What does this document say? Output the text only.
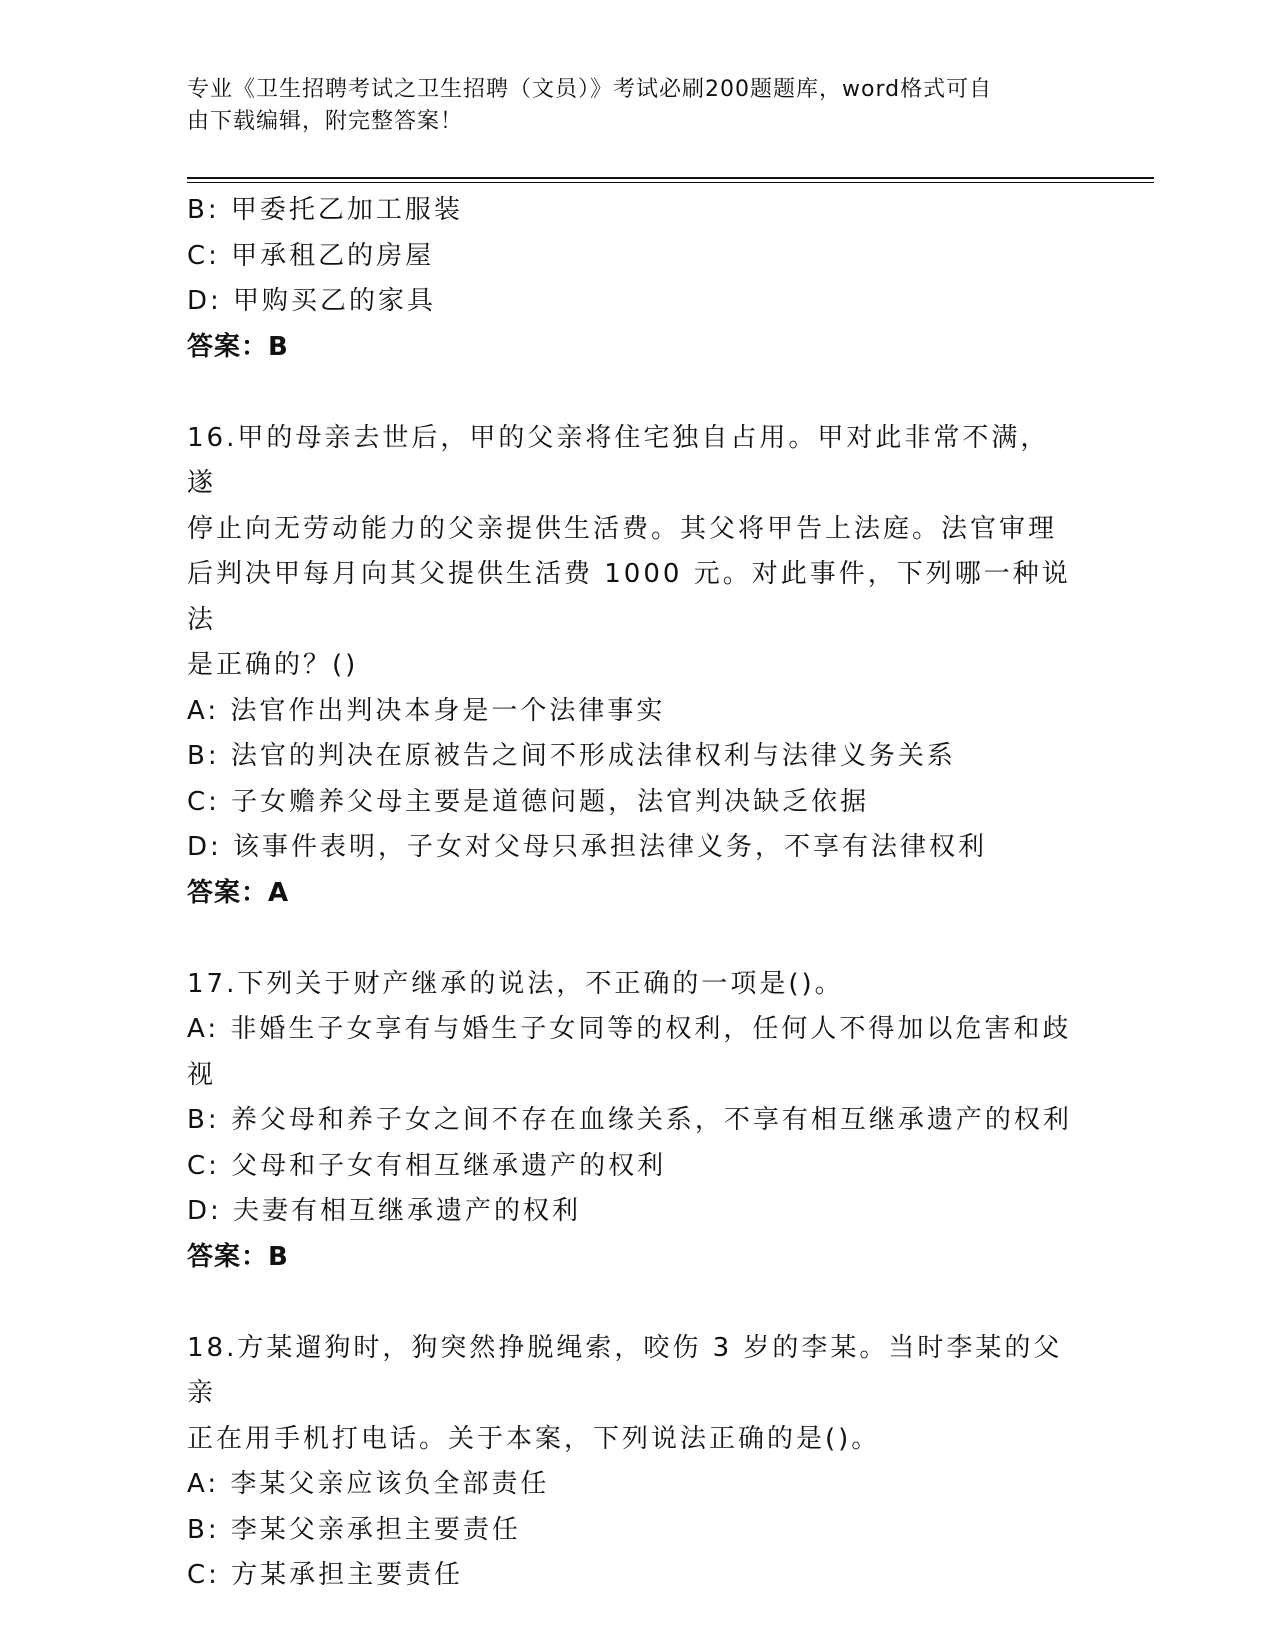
专业《卫生招聘考试之卫生招聘（文员）》考试必刷200题题库，word格式可自
由下载编辑，附完整答案！
B: 甲委托乙加工服装
C: 甲承租乙的房屋
D: 甲购买乙的家具
答案：B
16.甲的母亲去世后，甲的父亲将住宅独自占用。甲对此非常不满，遂
停止向无劳动能力的父亲提供生活费。其父将甲告上法庭。法官审理
后判决甲每月向其父提供生活费 1000 元。对此事件，下列哪一种说法
是正确的？()
A: 法官作出判决本身是一个法律事实
B: 法官的判决在原被告之间不形成法律权利与法律义务关系
C: 子女赡养父母主要是道德问题，法官判决缺乏依据
D: 该事件表明，子女对父母只承担法律义务，不享有法律权利
答案：A
17.下列关于财产继承的说法，不正确的一项是()。
A: 非婚生子女享有与婚生子女同等的权利，任何人不得加以危害和歧
视
B: 养父母和养子女之间不存在血缘关系，不享有相互继承遗产的权利
C: 父母和子女有相互继承遗产的权利
D: 夫妻有相互继承遗产的权利
答案：B
18.方某遛狗时，狗突然挣脱绳索，咬伤 3 岁的李某。当时李某的父亲
正在用手机打电话。关于本案，下列说法正确的是()。
A: 李某父亲应该负全部责任
B: 李某父亲承担主要责任
C: 方某承担主要责任
